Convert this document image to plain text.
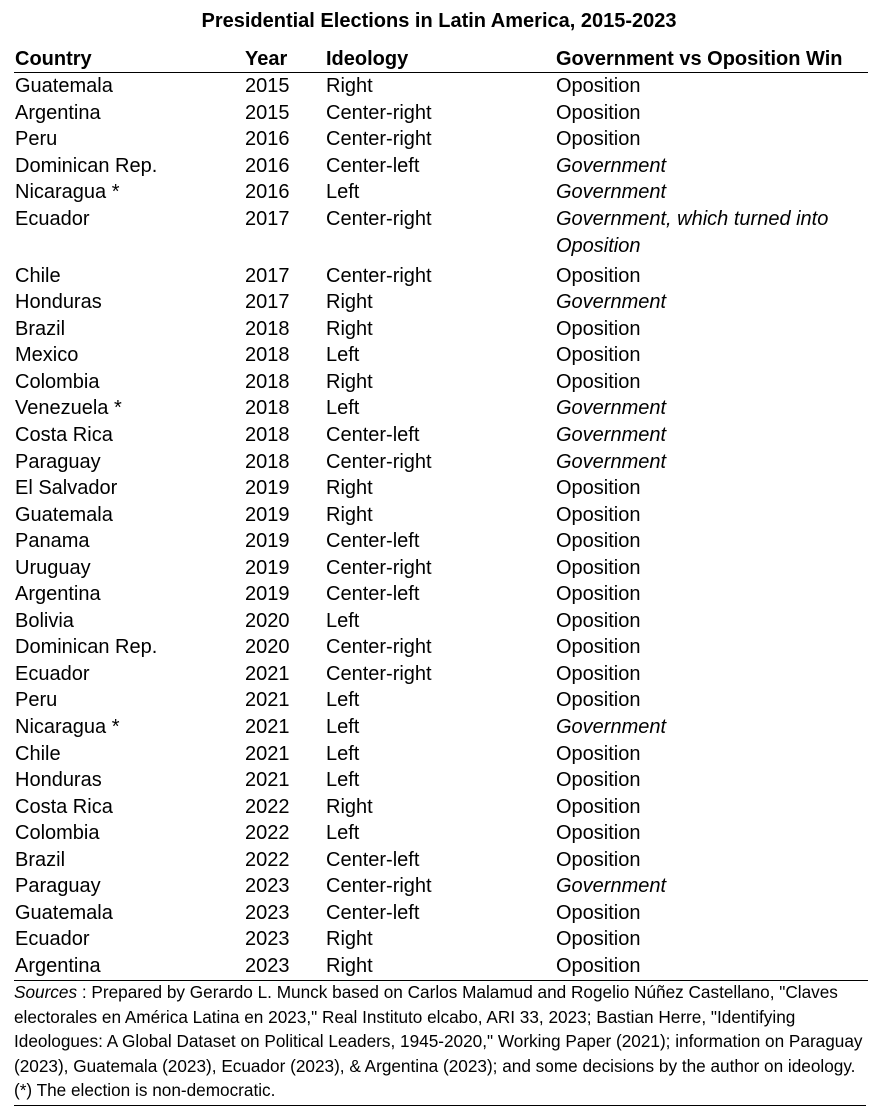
Presidential Elections in Latin America, 2015-2023
Country	Year Ideology	Government vs Oposition Win
Guatemala	2015 Right	Oposition
Argentina	2015 Center-right	Oposition
Peru	2016 Center-right	Oposition
Dominican Rep.	2016 Center-left	Government
Nicaragua *	2016 Left	Government
Ecuador	2017 Center-right	Government, which turned into Oposition
Chile	2017 Center-right	Oposition
Honduras	2017 Right	Government
Brazil	2018 Right	Oposition
Mexico	2018 Left	Oposition
Colombia	2018 Right	Oposition
Venezuela *	2018 Left	Government
Costa Rica	2018 Center-left	Government
Paraguay	2018 Center-right	Government
El Salvador	2019 Right	Oposition
Guatemala	2019 Right	Oposition
Panama	2019 Center-left	Oposition
Uruguay	2019 Center-right	Oposition
Argentina	2019 Center-left	Oposition
Bolivia	2020 Left	Oposition
Dominican Rep.	2020 Center-right	Oposition
Ecuador	2021 Center-right	Oposition
Peru	2021 Left	Oposition
Nicaragua *	2021 Left	Government
Chile	2021 Left	Oposition
Honduras	2021 Left	Oposition
Costa Rica	2022 Right	Oposition
Colombia	2022 Left	Oposition
Brazil	2022 Center-left	Oposition
Paraguay	2023 Center-right	Government
Guatemala	2023 Center-left	Oposition
Ecuador	2023 Right	Oposition
Argentina	2023 Right	Oposition
Sources : Prepared by Gerardo L. Munck based on Carlos Malamud and Rogelio Núñez Castellano, "Claves electorales en América Latina en 2023," Real Instituto elcabo, ARI 33, 2023; Bastian Herre, "Identifying Ideologues: A Global Dataset on Political Leaders, 1945-2020," Working Paper (2021); information on Paraguay (2023), Guatemala (2023), Ecuador (2023), & Argentina (2023); and some decisions by the author on ideology. (*) The election is non-democratic.
